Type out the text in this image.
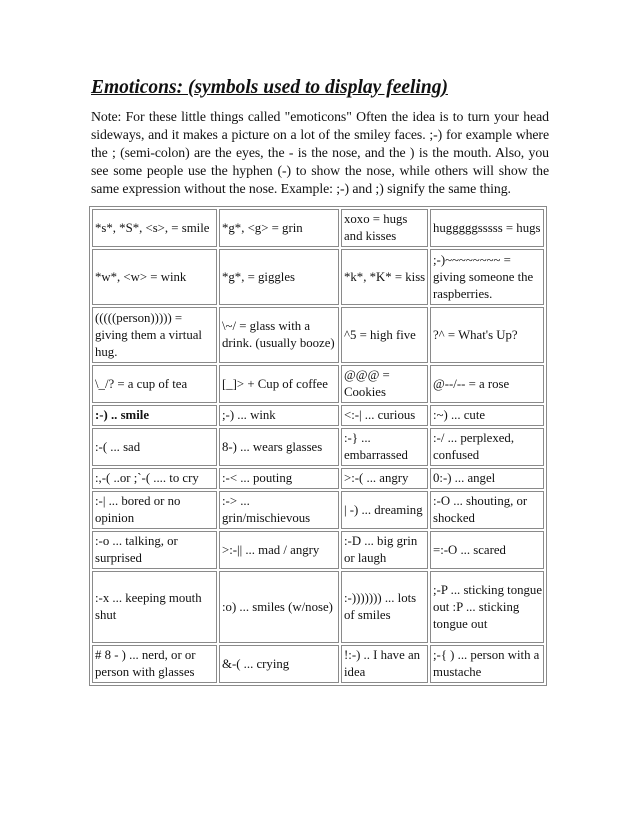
Emoticons: (symbols used to display feeling)

Note: For these little things called "emoticons" Often the idea is to turn your head sideways, and it makes a picture on a lot of the smiley faces. ;-) for example where the ; (semi-colon) are the eyes, the - is the nose, and the ) is the mouth. Also, you see some people use the hyphen (-) to show the nose, while others will show the same expression without the nose. Example: ;-) and ;) signify the same thing.

*s*, *S*, <s>, = smile	*g*, <g> = grin	xoxo = hugs and kisses	hugggggsssss = hugs
*w*, <w> = wink	*g*, = giggles	*k*, *K* = kiss	;-)~~~~~~~~ = giving someone the raspberries.
(((((person))))) = giving them a virtual hug.	\~/ = glass with a drink. (usually booze)	^5 = high five	?^ = What's Up?
\_/? = a cup of tea	[_]> + Cup of coffee	@@@ = Cookies	@--/-- = a rose
:-) .. smile	;-) ... wink	<:-| ... curious	:~) ... cute
:-( ... sad	8-) ... wears glasses	:-} ... embarrassed	:-/ ... perplexed, confused
:,-( ..or ;`-( .... to cry	:-< ... pouting	>:-( ... angry	0:-) ... angel
:-| ... bored or no opinion	:-> ... grin/mischievous	| -) ... dreaming	:-O ... shouting, or shocked
:-o ... talking, or surprised	>:-|| ... mad / angry	:-D ... big grin or laugh	=:-O ... scared
:-x ... keeping mouth shut	:o) ... smiles (w/nose)	:-))))))) ... lots of smiles	;-P ... sticking tongue out :P ... sticking tongue out
# 8 - ) ... nerd, or or person with glasses	&-( ... crying	!:-) .. I have an idea	;-{ ) ... person with a mustache
